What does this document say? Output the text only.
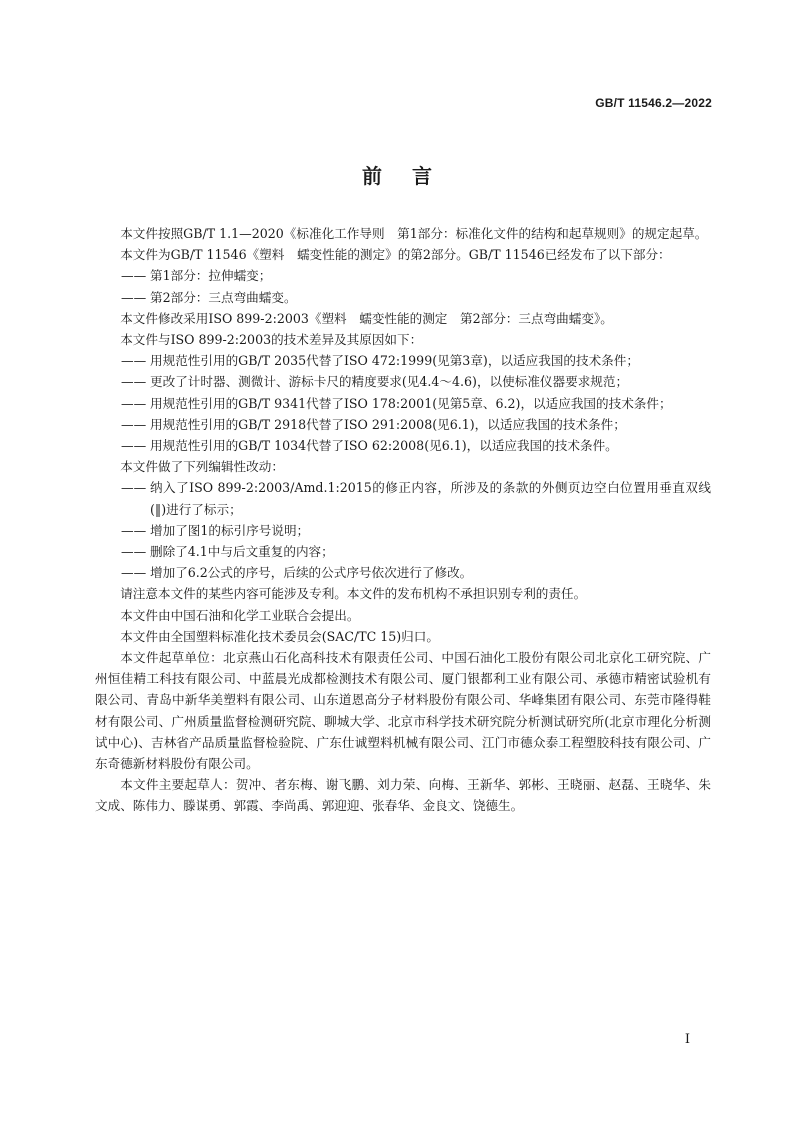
GB/T 11546.2—2022
前言

本文件按照GB/T 1.1—2020《标准化工作导则　第1部分：标准化文件的结构和起草规则》的规定起草。

本文件为GB/T 11546《塑料　蠕变性能的测定》的第2部分。GB/T 11546已经发布了以下部分：

—— 第1部分：拉伸蠕变；

—— 第2部分：三点弯曲蠕变。

本文件修改采用ISO 899-2:2003《塑料　蠕变性能的测定　第2部分：三点弯曲蠕变》。

本文件与ISO 899-2:2003的技术差异及其原因如下：

—— 用规范性引用的GB/T 2035代替了ISO 472:1999(见第3章)，以适应我国的技术条件；

—— 更改了计时器、测微计、游标卡尺的精度要求(见4.4～4.6)，以使标准仪器要求规范；

—— 用规范性引用的GB/T 9341代替了ISO 178:2001(见第5章、6.2)，以适应我国的技术条件；

—— 用规范性引用的GB/T 2918代替了ISO 291:2008(见6.1)，以适应我国的技术条件；

—— 用规范性引用的GB/T 1034代替了ISO 62:2008(见6.1)，以适应我国的技术条件。

本文件做了下列编辑性改动：

—— 纳入了ISO 899-2:2003/Amd.1:2015的修正内容，所涉及的条款的外侧页边空白位置用垂直双线(‖)进行了标示；

—— 增加了图1的标引序号说明；

—— 删除了4.1中与后文重复的内容；

—— 增加了6.2公式的序号，后续的公式序号依次进行了修改。

请注意本文件的某些内容可能涉及专利。本文件的发布机构不承担识别专利的责任。

本文件由中国石油和化学工业联合会提出。

本文件由全国塑料标准化技术委员会(SAC/TC 15)归口。

本文件起草单位：北京燕山石化高科技术有限责任公司、中国石油化工股份有限公司北京化工研究院、广州恒佳精工科技有限公司、中蓝晨光成都检测技术有限公司、厦门银都利工业有限公司、承德市精密试验机有限公司、青岛中新华美塑料有限公司、山东道恩高分子材料股份有限公司、华峰集团有限公司、东莞市隆得鞋材有限公司、广州质量监督检测研究院、聊城大学、北京市科学技术研究院分析测试研究所(北京市理化分析测试中心)、吉林省产品质量监督检验院、广东仕诚塑料机械有限公司、江门市德众泰工程塑胶科技有限公司、广东奇德新材料股份有限公司。

本文件主要起草人：贺冲、者东梅、谢飞鹏、刘力荣、向梅、王新华、郭彬、王晓丽、赵磊、王晓华、朱文成、陈伟力、滕谋勇、郭霞、李尚禹、郭迎迎、张春华、金良文、饶德生。

I
